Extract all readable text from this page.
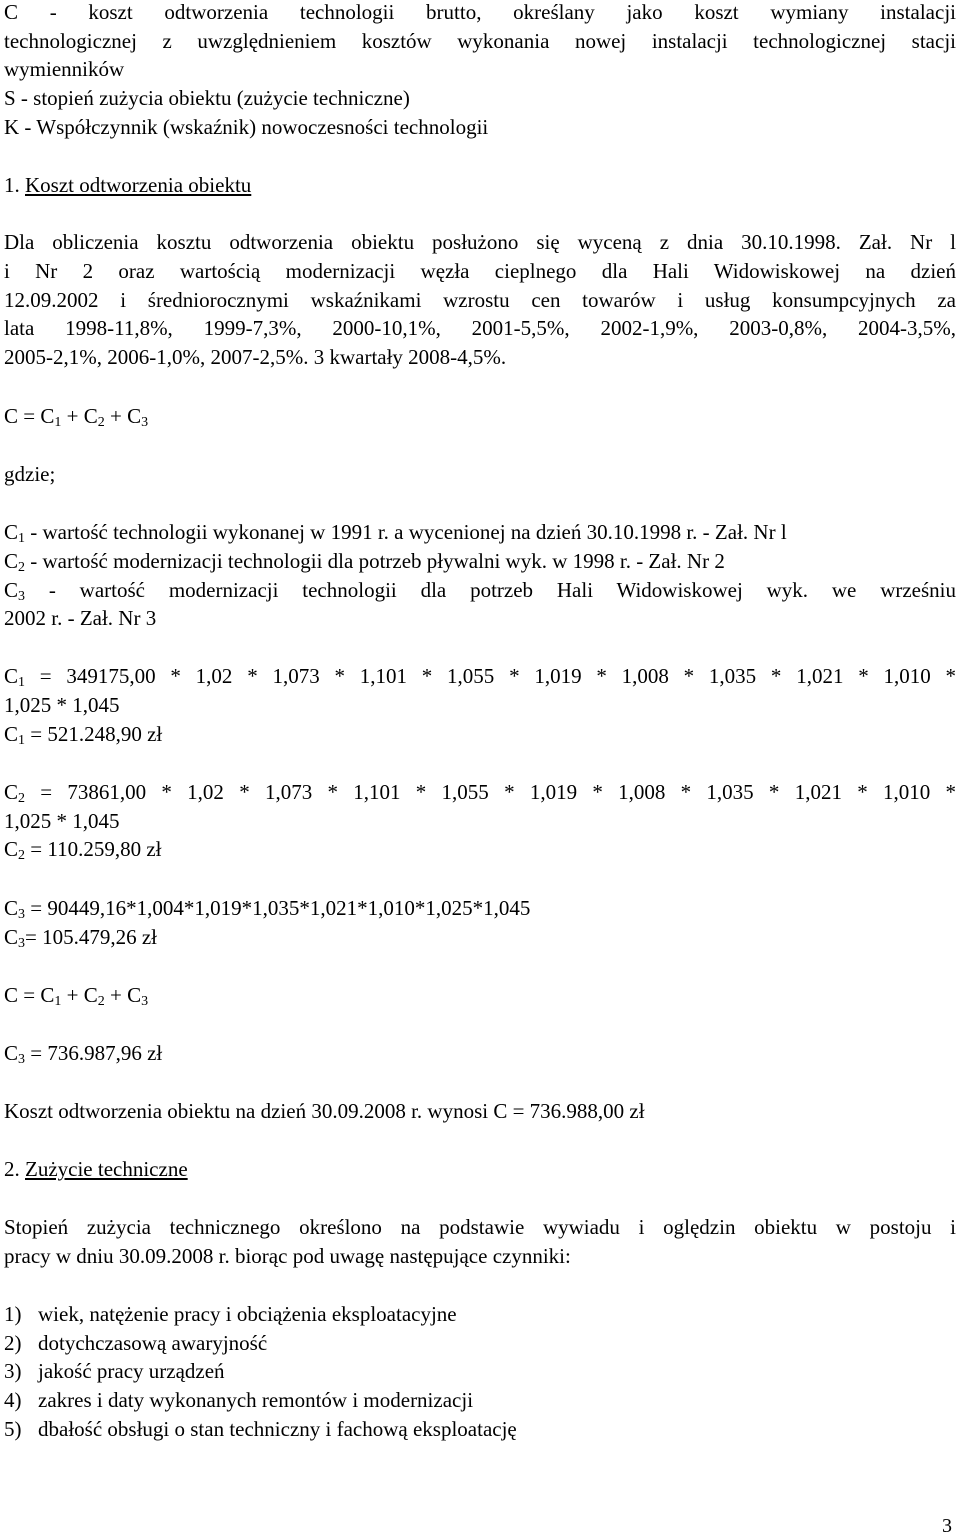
C - koszt odtworzenia technologii brutto, określany jako koszt wymiany instalacji
technologicznej z uwzględnieniem kosztów wykonania nowej instalacji technologicznej stacji
wymienników
S - stopień zużycia obiektu (zużycie techniczne)
K - Współczynnik (wskaźnik) nowoczesności technologii
1. Koszt odtworzenia obiektu
Dla obliczenia kosztu odtworzenia obiektu posłużono się wyceną z dnia 30.10.1998. Zał. Nr l
i Nr 2 oraz wartością modernizacji węzła cieplnego dla Hali Widowiskowej na dzień
12.09.2002 i średniorocznymi wskaźnikami wzrostu cen towarów i usług konsumpcyjnych za
lata 1998-11,8%, 1999-7,3%, 2000-10,1%, 2001-5,5%, 2002-1,9%, 2003-0,8%, 2004-3,5%,
2005-2,1%, 2006-1,0%, 2007-2,5%. 3 kwartały 2008-4,5%.
$C = C_1 + C_2 + C_3$
gdzie;
$C_1$ - wartość technologii wykonanej w 1991 r. a wycenionej na dzień 30.10.1998 r. - Zał. Nr l
$C_2$ - wartość modernizacji technologii dla potrzeb pływalni wyk. w 1998 r. - Zał. Nr 2
$C_3$ - wartość modernizacji technologii dla potrzeb Hali Widowiskowej wyk. we wrześniu
2002 r. - Zał. Nr 3
$C_1 = 349175,00 * 1,02 * 1,073 * 1,101 * 1,055 * 1,019 * 1,008 * 1,035 * 1,021 * 1,010$ *
1,025 * 1,045
$C_1 = 521.248,90$ zł
$C_2 = 73861,00 * 1,02 * 1,073 * 1,101 * 1,055 * 1,019 * 1,008 * 1,035 * 1,021 * 1,010$ *
1,025 * 1,045
$C_2 = 110.259,80$ zł
$C_3 = 90449,16*1,004*1,019*1,035*1,021*1,010*1,025*1,045$
$C_3= 105.479,26$ zł
$C = C_1 + C_2 + C_3$
$C_3 = 736.987,96$ zł
Koszt odtworzenia obiektu na dzień 30.09.2008 r. wynosi C = 736.988,00 zł
2. Zużycie techniczne
Stopień zużycia technicznego określono na podstawie wywiadu i oględzin obiektu w postoju i
pracy w dniu 30.09.2008 r. biorąc pod uwagę następujące czynniki:
1) wiek, natężenie pracy i obciążenia eksploatacyjne
2) dotychczasową awaryjność
3) jakość pracy urządzeń
4) zakres i daty wykonanych remontów i modernizacji
5) dbałość obsługi o stan techniczny i fachową eksploatację
3
